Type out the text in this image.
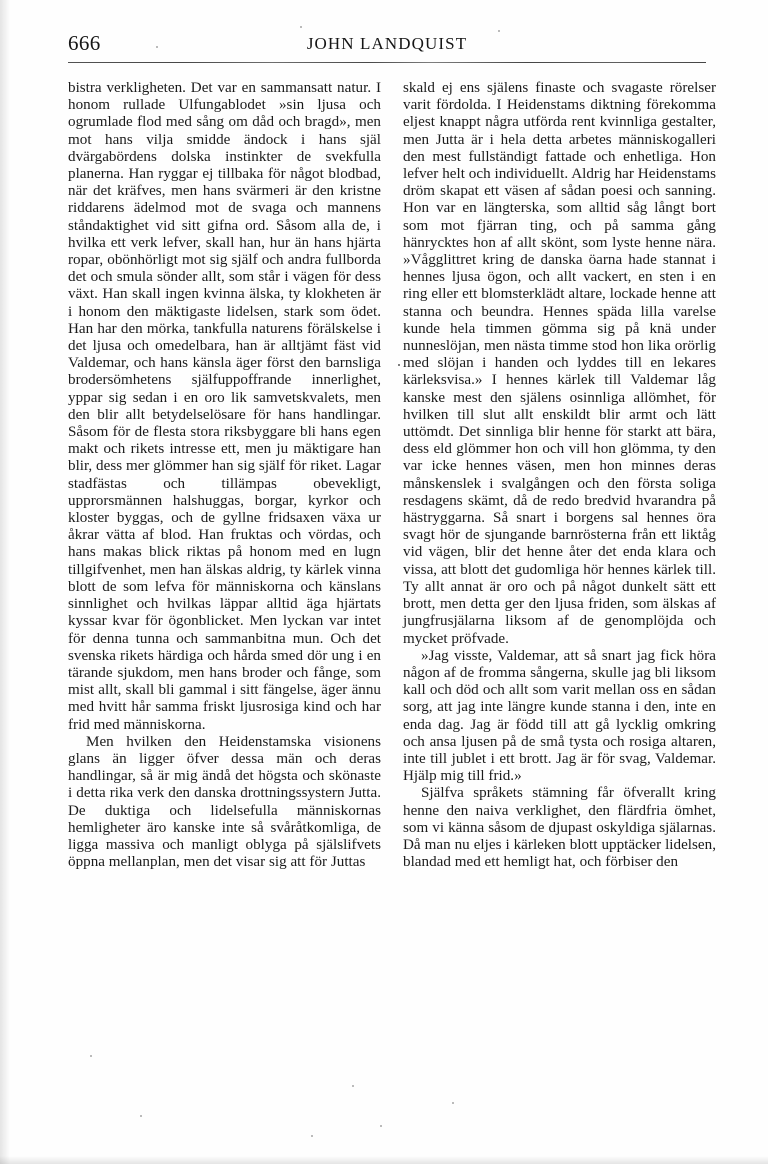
666	JOHN LANDQUIST

bistra verkligheten. Det var en sammansatt natur. I honom rullade Ulfungablodet »sin ljusa och ogrumlade flod med sång om dåd och bragd», men mot hans vilja smidde ändock i hans själ dvärgabördens dolska instinkter de svekfulla planerna. Han ryggar ej tillbaka för något blodbad, när det kräfves, men hans svärmeri är den kristne riddarens ädelmod mot de svaga och mannens ståndaktighet vid sitt gifna ord. Såsom alla de, i hvilka ett verk lefver, skall han, hur än hans hjärta ropar, obönhörligt mot sig själf och andra fullborda det och smula sönder allt, som står i vägen för dess växt. Han skall ingen kvinna älska, ty klokheten är i honom den mäktigaste lidelsen, stark som ödet. Han har den mörka, tankfulla naturens förälskelse i det ljusa och omedelbara, han är alltjämt fäst vid Valdemar, och hans känsla äger först den barnsliga brodersömhetens själfuppoffrande innerlighet, yppar sig sedan i en oro lik samvetskvalets, men den blir allt betydelselösare för hans handlingar. Såsom för de flesta stora riksbyggare bli hans egen makt och rikets intresse ett, men ju mäktigare han blir, dess mer glömmer han sig själf för riket. Lagar stadfästas och tillämpas obevekligt, upprorsmännen halshuggas, borgar, kyrkor och kloster byggas, och de gyllne fridsaxen växa ur åkrar vätta af blod. Han fruktas och vördas, och hans makas blick riktas på honom med en lugn tillgifvenhet, men han älskas aldrig, ty kärlek vinna blott de som lefva för människorna och känslans sinnlighet och hvilkas läppar alltid äga hjärtats kyssar kvar för ögonblicket. Men lyckan var intet för denna tunna och sammanbitna mun. Och det svenska rikets härdiga och hårda smed dör ung i en tärande sjukdom, men hans broder och fånge, som mist allt, skall bli gammal i sitt fängelse, äger ännu med hvitt hår samma friskt ljusrosiga kind och har frid med människorna.

Men hvilken den Heidenstamska visionens glans än ligger öfver dessa män och deras handlingar, så är mig ändå det högsta och skönaste i detta rika verk den danska drottningssystern Jutta. De duktiga och lidelsefulla människornas hemligheter äro kanske inte så svåråtkomliga, de ligga massiva och manligt oblyga på själslifvets öppna mellanplan, men det visar sig att för Juttas

skald ej ens själens finaste och svagaste rörelser varit fördolda. I Heidenstams diktning förekomma eljest knappt några utförda rent kvinnliga gestalter, men Jutta är i hela detta arbetes människogalleri den mest fullständigt fattade och enhetliga. Hon lefver helt och individuellt. Aldrig har Heidenstams dröm skapat ett väsen af sådan poesi och sanning. Hon var en längterska, som alltid såg långt bort som mot fjärran ting, och på samma gång hänrycktes hon af allt skönt, som lyste henne nära. »Vågglittret kring de danska öarna hade stannat i hennes ljusa ögon, och allt vackert, en sten i en ring eller ett blomsterklädt altare, lockade henne att stanna och beundra. Hennes späda lilla varelse kunde hela timmen gömma sig på knä under nunneslöjan, men nästa timme stod hon lika orörlig med slöjan i handen och lyddes till en lekares kärleksvisa.» I hennes kärlek till Valdemar låg kanske mest den själens osinnliga allömhet, för hvilken till slut allt enskildt blir armt och lätt uttömdt. Det sinnliga blir henne för starkt att bära, dess eld glömmer hon och vill hon glömma, ty den var icke hennes väsen, men hon minnes deras månskenslek i svalgången och den första soliga resdagens skämt, då de redo bredvid hvarandra på hästryggarna. Så snart i borgens sal hennes öra svagt hör de sjungande barnrösterna från ett liktåg vid vägen, blir det henne åter det enda klara och vissa, att blott det gudomliga hör hennes kärlek till. Ty allt annat är oro och på något dunkelt sätt ett brott, men detta ger den ljusa friden, som älskas af jungfrusjälarna liksom af de genomplöjda och mycket pröfvade.

»Jag visste, Valdemar, att så snart jag fick höra någon af de fromma sångerna, skulle jag bli liksom kall och död och allt som varit mellan oss en sådan sorg, att jag inte längre kunde stanna i den, inte en enda dag. Jag är född till att gå lycklig omkring och ansa ljusen på de små tysta och rosiga altaren, inte till jublet i ett brott. Jag är för svag, Valdemar. Hjälp mig till frid.»

Själfva språkets stämning får öfverallt kring henne den naiva verklighet, den flärdfria ömhet, som vi känna såsom de djupast oskyldiga själarnas. Då man nu eljes i kärleken blott upptäcker lidelsen, blandad med ett hemligt hat, och förbiser den
